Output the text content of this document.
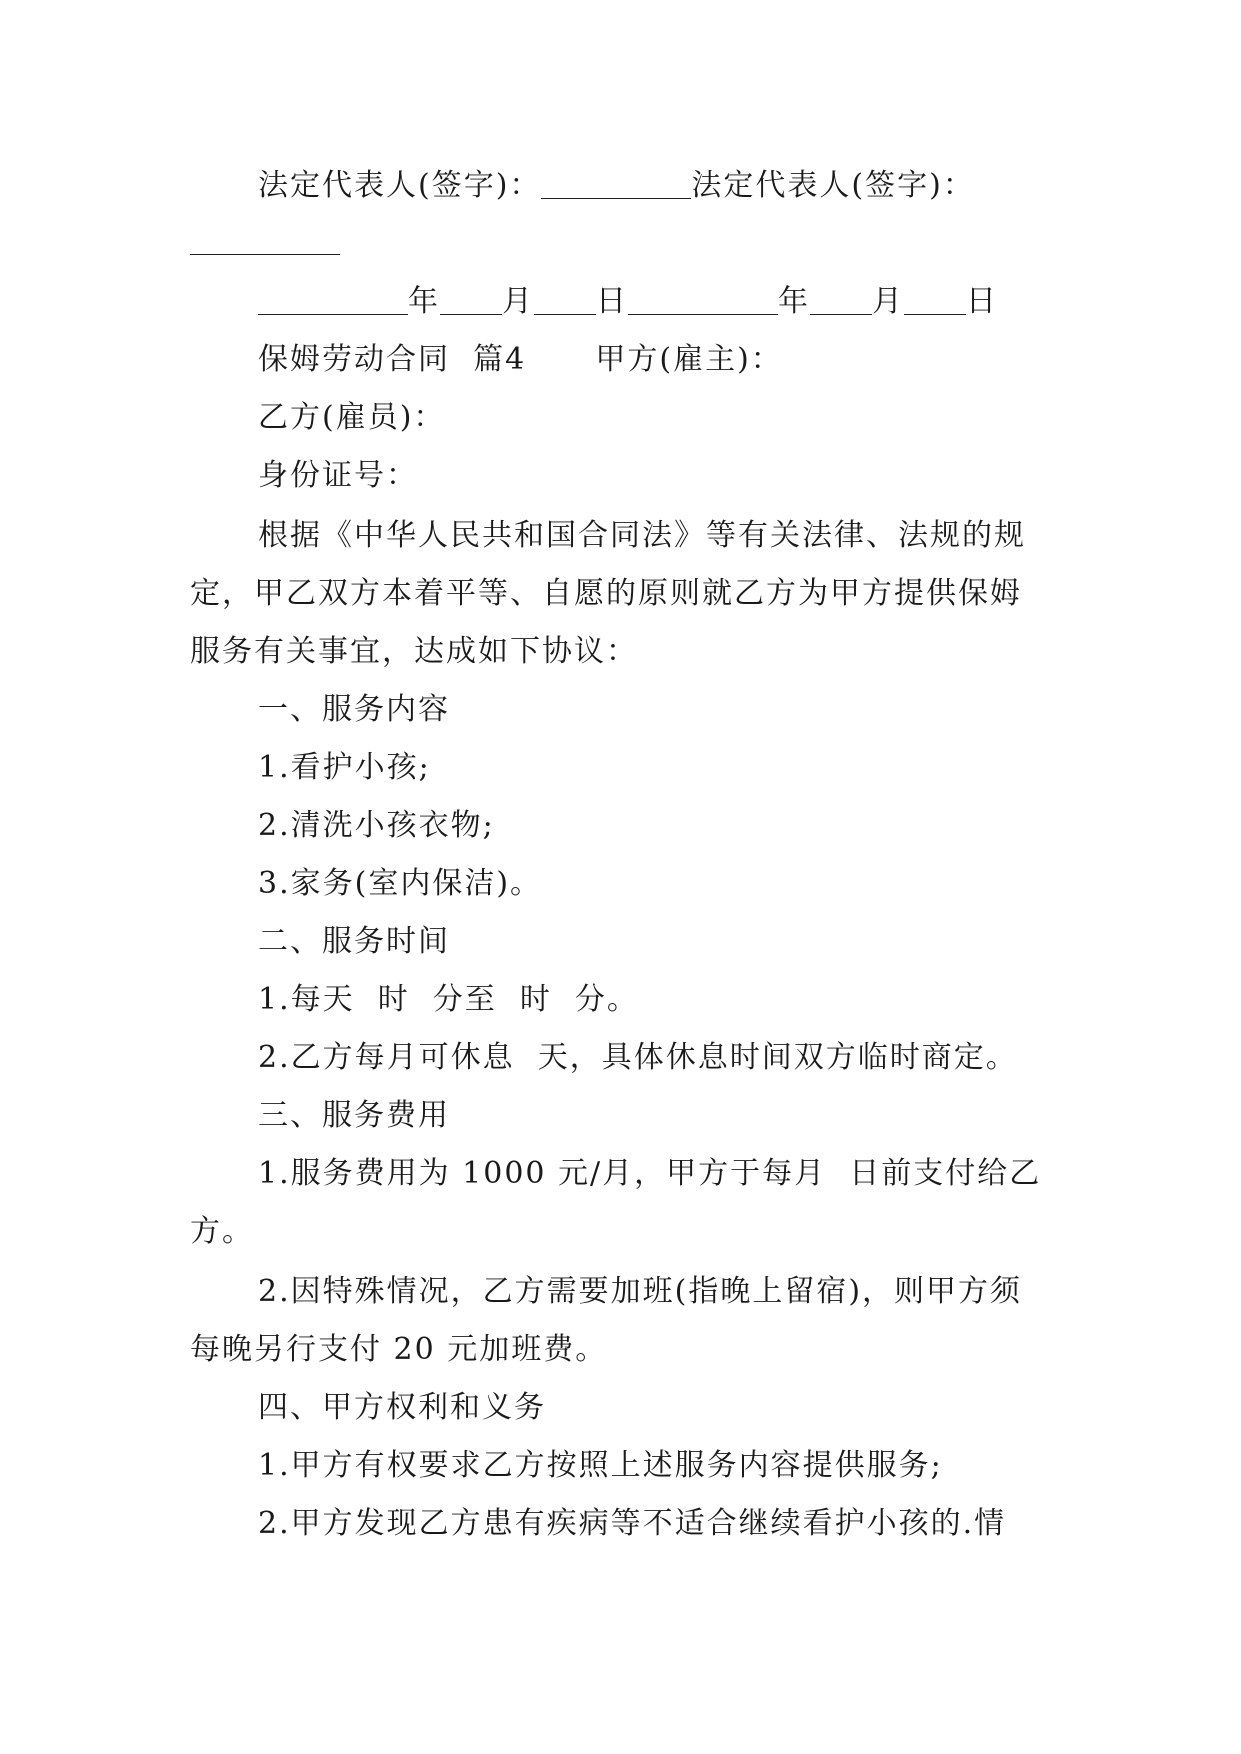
法定代表人(签字)：	法定代表人(签字)：
年 月 日	年 月 日
保姆劳动合同  篇4      甲方(雇主)：
乙方(雇员)：
身份证号：
根据《中华人民共和国合同法》等有关法律、法规的规
定，甲乙双方本着平等、自愿的原则就乙方为甲方提供保姆
服务有关事宜，达成如下协议：
一、服务内容
1.看护小孩;
2.清洗小孩衣物;
3.家务(室内保洁)。
二、服务时间
1.每天  时  分至  时  分。
2.乙方每月可休息  天，具体休息时间双方临时商定。
三、服务费用
1.服务费用为 1000 元/月，甲方于每月  日前支付给乙
方。
2.因特殊情况，乙方需要加班(指晚上留宿)，则甲方须
每晚另行支付 20 元加班费。
四、甲方权利和义务
1.甲方有权要求乙方按照上述服务内容提供服务;
2.甲方发现乙方患有疾病等不适合继续看护小孩的.情
